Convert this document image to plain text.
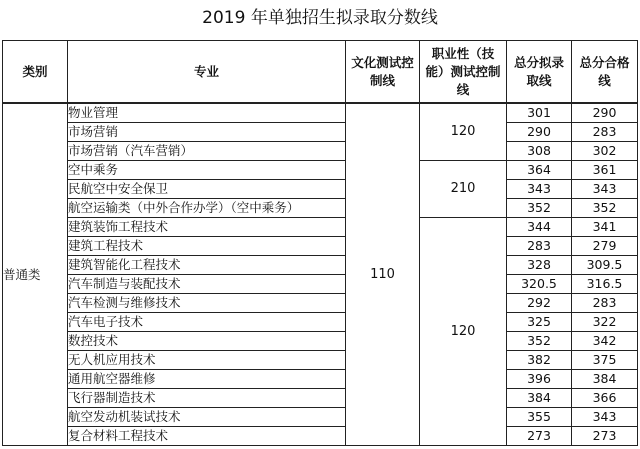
2019 年单独招生拟录取分数线
类别	专业	文化测试控制线	职业性（技能）测试控制线	总分拟录取线	总分合格线

普通类	物业管理	110	120	301	290
	市场营销			290	283
	市场营销（汽车营销）			308	302
	空中乘务		210	364	361
	民航空中安全保卫			343	343
	航空运输类（中外合作办学）（空中乘务）			352	352
	建筑装饰工程技术		120	344	341
	建筑工程技术			283	279
	建筑智能化工程技术			328	309.5
	汽车制造与装配技术			320.5	316.5
	汽车检测与维修技术			292	283
	汽车电子技术			325	322
	数控技术			352	342
	无人机应用技术			382	375
	通用航空器维修			396	384
	飞行器制造技术			384	366
	航空发动机装试技术			355	343
	复合材料工程技术			273	273
